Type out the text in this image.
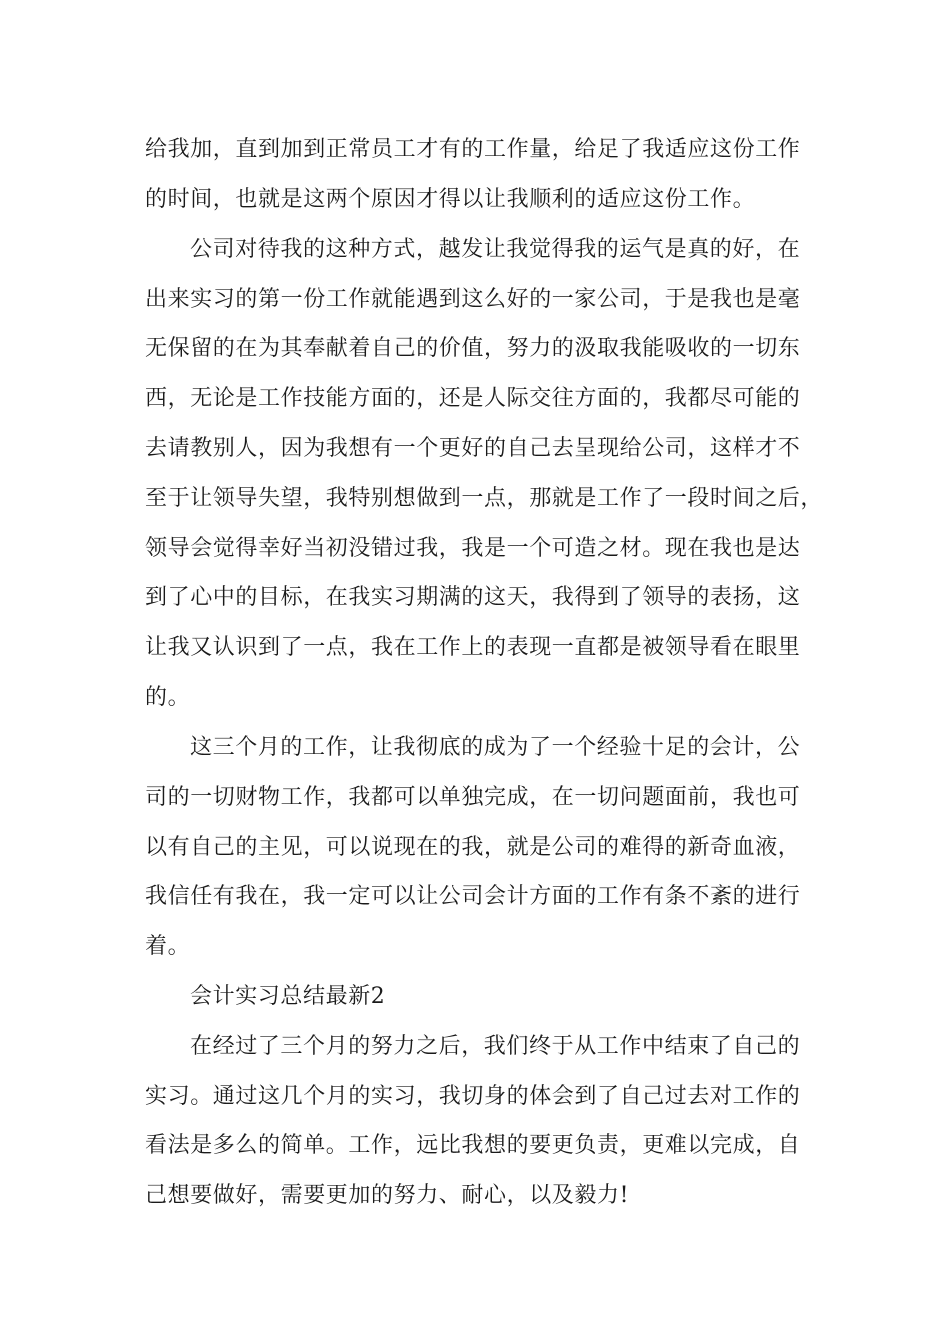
给我加，直到加到正常员工才有的工作量，给足了我适应这份工作
的时间，也就是这两个原因才得以让我顺利的适应这份工作。
公司对待我的这种方式，越发让我觉得我的运气是真的好，在
出来实习的第一份工作就能遇到这么好的一家公司，于是我也是毫
无保留的在为其奉献着自己的价值，努力的汲取我能吸收的一切东
西，无论是工作技能方面的，还是人际交往方面的，我都尽可能的
去请教别人，因为我想有一个更好的自己去呈现给公司，这样才不
至于让领导失望，我特别想做到一点，那就是工作了一段时间之后，
领导会觉得幸好当初没错过我，我是一个可造之材。现在我也是达
到了心中的目标，在我实习期满的这天，我得到了领导的表扬，这
让我又认识到了一点，我在工作上的表现一直都是被领导看在眼里
的。
这三个月的工作，让我彻底的成为了一个经验十足的会计，公
司的一切财物工作，我都可以单独完成，在一切问题面前，我也可
以有自己的主见，可以说现在的我，就是公司的难得的新奇血液，
我信任有我在，我一定可以让公司会计方面的工作有条不紊的进行
着。
会计实习总结最新2
在经过了三个月的努力之后，我们终于从工作中结束了自己的
实习。通过这几个月的实习，我切身的体会到了自己过去对工作的
看法是多么的简单。工作，远比我想的要更负责，更难以完成，自
己想要做好，需要更加的努力、耐心，以及毅力!
